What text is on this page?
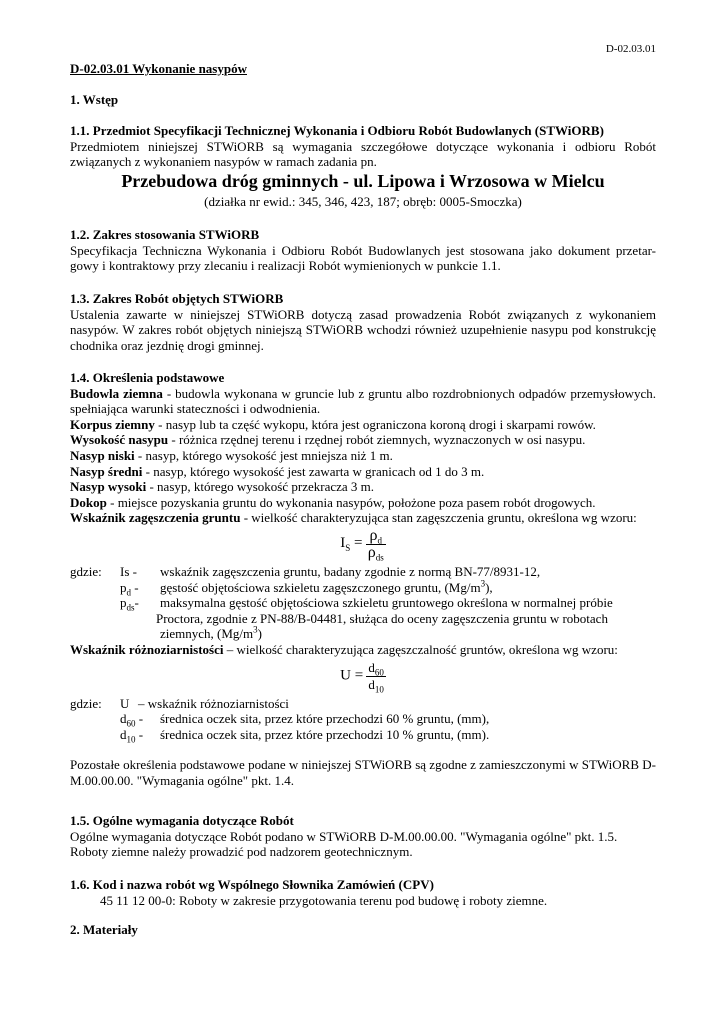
D-02.03.01
D-02.03.01 Wykonanie nasypów

1. Wstęp

1.1. Przedmiot Specyfikacji Technicznej Wykonania i Odbioru Robót Budowlanych (STWiORB)

Przedmiotem niniejszej STWiORB są wymagania szczegółowe dotyczące wykonania i odbioru Robót związanych z wykonaniem nasypów w ramach zadania pn.

Przebudowa dróg gminnych - ul. Lipowa i Wrzosowa w Mielcu

(działka nr ewid.: 345, 346, 423, 187; obręb: 0005-Smoczka)

1.2. Zakres stosowania STWiORB

Specyfikacja Techniczna Wykonania i Odbioru Robót Budowlanych jest stosowana jako dokument przetar-gowy i kontraktowy przy zlecaniu i realizacji Robót wymienionych w punkcie 1.1.

1.3. Zakres Robót objętych STWiORB

Ustalenia zawarte w niniejszej STWiORB dotyczą zasad prowadzenia Robót związanych z wykonaniem nasypów. W zakres robót objętych niniejszą STWiORB wchodzi również uzupełnienie nasypu pod konstrukcję chodnika oraz jezdnię drogi gminnej.

1.4. Określenia podstawowe

Budowla ziemna - budowla wykonana w gruncie lub z gruntu albo rozdrobnionych odpadów przemysłowych. spełniająca warunki stateczności i odwodnienia.

Korpus ziemny - nasyp lub ta część wykopu, która jest ograniczona koroną drogi i skarpami rowów.

Wysokość nasypu - różnica rzędnej terenu i rzędnej robót ziemnych, wyznaczonych w osi nasypu.

Nasyp niski - nasyp, którego wysokość jest mniejsza niż 1 m.

Nasyp średni - nasyp, którego wysokość jest zawarta w granicach od 1 do 3 m.

Nasyp wysoki - nasyp, którego wysokość przekracza 3 m.

Dokop - miejsce pozyskania gruntu do wykonania nasypów, położone poza pasem robót drogowych.

Wskaźnik zagęszczenia gruntu - wielkość charakteryzująca stan zagęszczenia gruntu, określona wg wzoru:

$I_S = \frac{\rho_d}{\rho_{ds}}$

gdzie: Is - wskaźnik zagęszczenia gruntu, badany zgodnie z normą BN-77/8931-12,
$p_d$ - gęstość objętościowa szkieletu zagęszczonego gruntu, $(Mg/m^3)$,
$p_{ds}-$ maksymalna gęstość objętościowa szkieletu gruntowego określona w normalnej próbie

Proctora, zgodnie z PN-88/B-04481, służąca do oceny zagęszczenia gruntu w robotach

ziemnych, $(Mg/m^3)$

Wskaźnik różnoziarnistości – wielkość charakteryzująca zagęszczalność gruntów, określona wg wzoru:

$U = \frac{d_{60}}{d_{10}}$

gdzie: U – wskaźnik różnoziarnistości
$d_{60}$ - średnica oczek sita, przez które przechodzi 60 % gruntu, (mm),
$d_{10}$ - średnica oczek sita, przez które przechodzi 10 % gruntu, (mm).

Pozostałe określenia podstawowe podane w niniejszej STWiORB są zgodne z zamieszczonymi w STWiORB D-M.00.00.00. "Wymagania ogólne" pkt. 1.4.

1.5. Ogólne wymagania dotyczące Robót

Ogólne wymagania dotyczące Robót podano w STWiORB D-M.00.00.00. "Wymagania ogólne" pkt. 1.5.

Roboty ziemne należy prowadzić pod nadzorem geotechnicznym.

1.6. Kod i nazwa robót wg Wspólnego Słownika Zamówień (CPV)

45 11 12 00-0: Roboty w zakresie przygotowania terenu pod budowę i roboty ziemne.

2. Materiały
